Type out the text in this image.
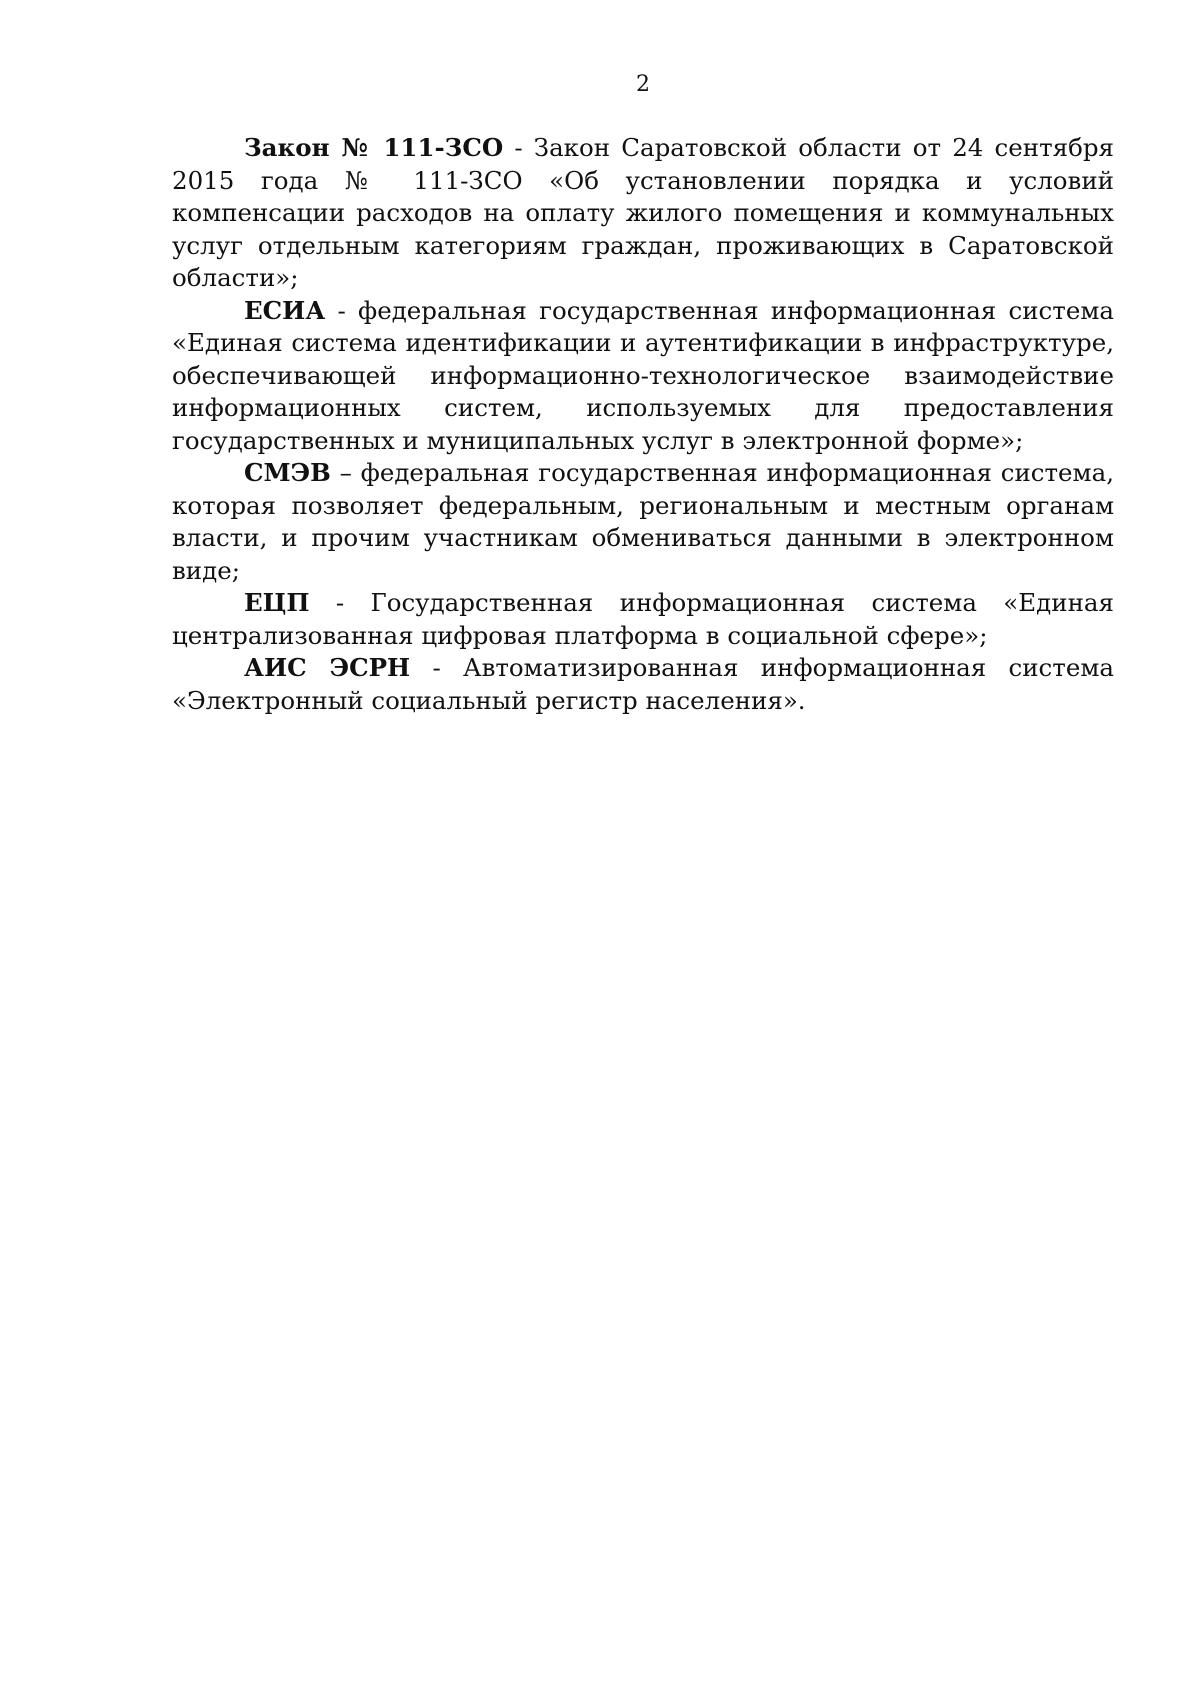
2

Закон № 111-ЗСО - Закон Саратовской области от 24 сентября 2015 года № 111-ЗСО «Об установлении порядка и условий компенсации расходов на оплату жилого помещения и коммунальных услуг отдельным категориям граждан, проживающих в Саратовской области»;

ЕСИА - федеральная государственная информационная система «Единая система идентификации и аутентификации в инфраструктуре, обеспечивающей информационно-технологическое взаимодействие информационных систем, используемых для предоставления государственных и муниципальных услуг в электронной форме»;

СМЭВ – федеральная государственная информационная система, которая позволяет федеральным, региональным и местным органам власти, и прочим участникам обмениваться данными в электронном виде;

ЕЦП - Государственная информационная система «Единая централизованная цифровая платформа в социальной сфере»;

АИС ЭСРН - Автоматизированная информационная система «Электронный социальный регистр населения».
